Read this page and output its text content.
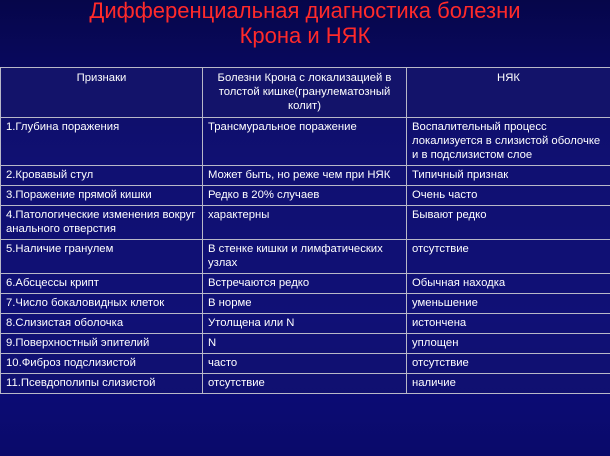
Дифференциальная диагностика болезни
Крона и НЯК
Признаки	Болезни Крона с локализацией в толстой кишке(гранулематозный колит)	НЯК
1.Глубина поражения	Трансмуральное поражение	Воспалительный процесс локализуется в слизистой оболочке и в подслизистом слое
2.Кровавый стул	Может быть, но реже чем при НЯК	Типичный признак
3.Поражение прямой кишки	Редко в 20% случаев	Очень часто
4.Патологические изменения вокруг анального отверстия	характерны	Бывают редко
5.Наличие гранулем	В стенке кишки и лимфатических узлах	отсутствие
6.Абсцессы крипт	Встречаются редко	Обычная находка
7.Число бокаловидных клеток	В норме	уменьшение
8.Слизистая оболочка	Утолщена или N	истончена
9.Поверхностный эпителий	N	уплощен
10.Фиброз подслизистой	часто	отсутствие
11.Псевдополипы слизистой	отсутствие	наличие
